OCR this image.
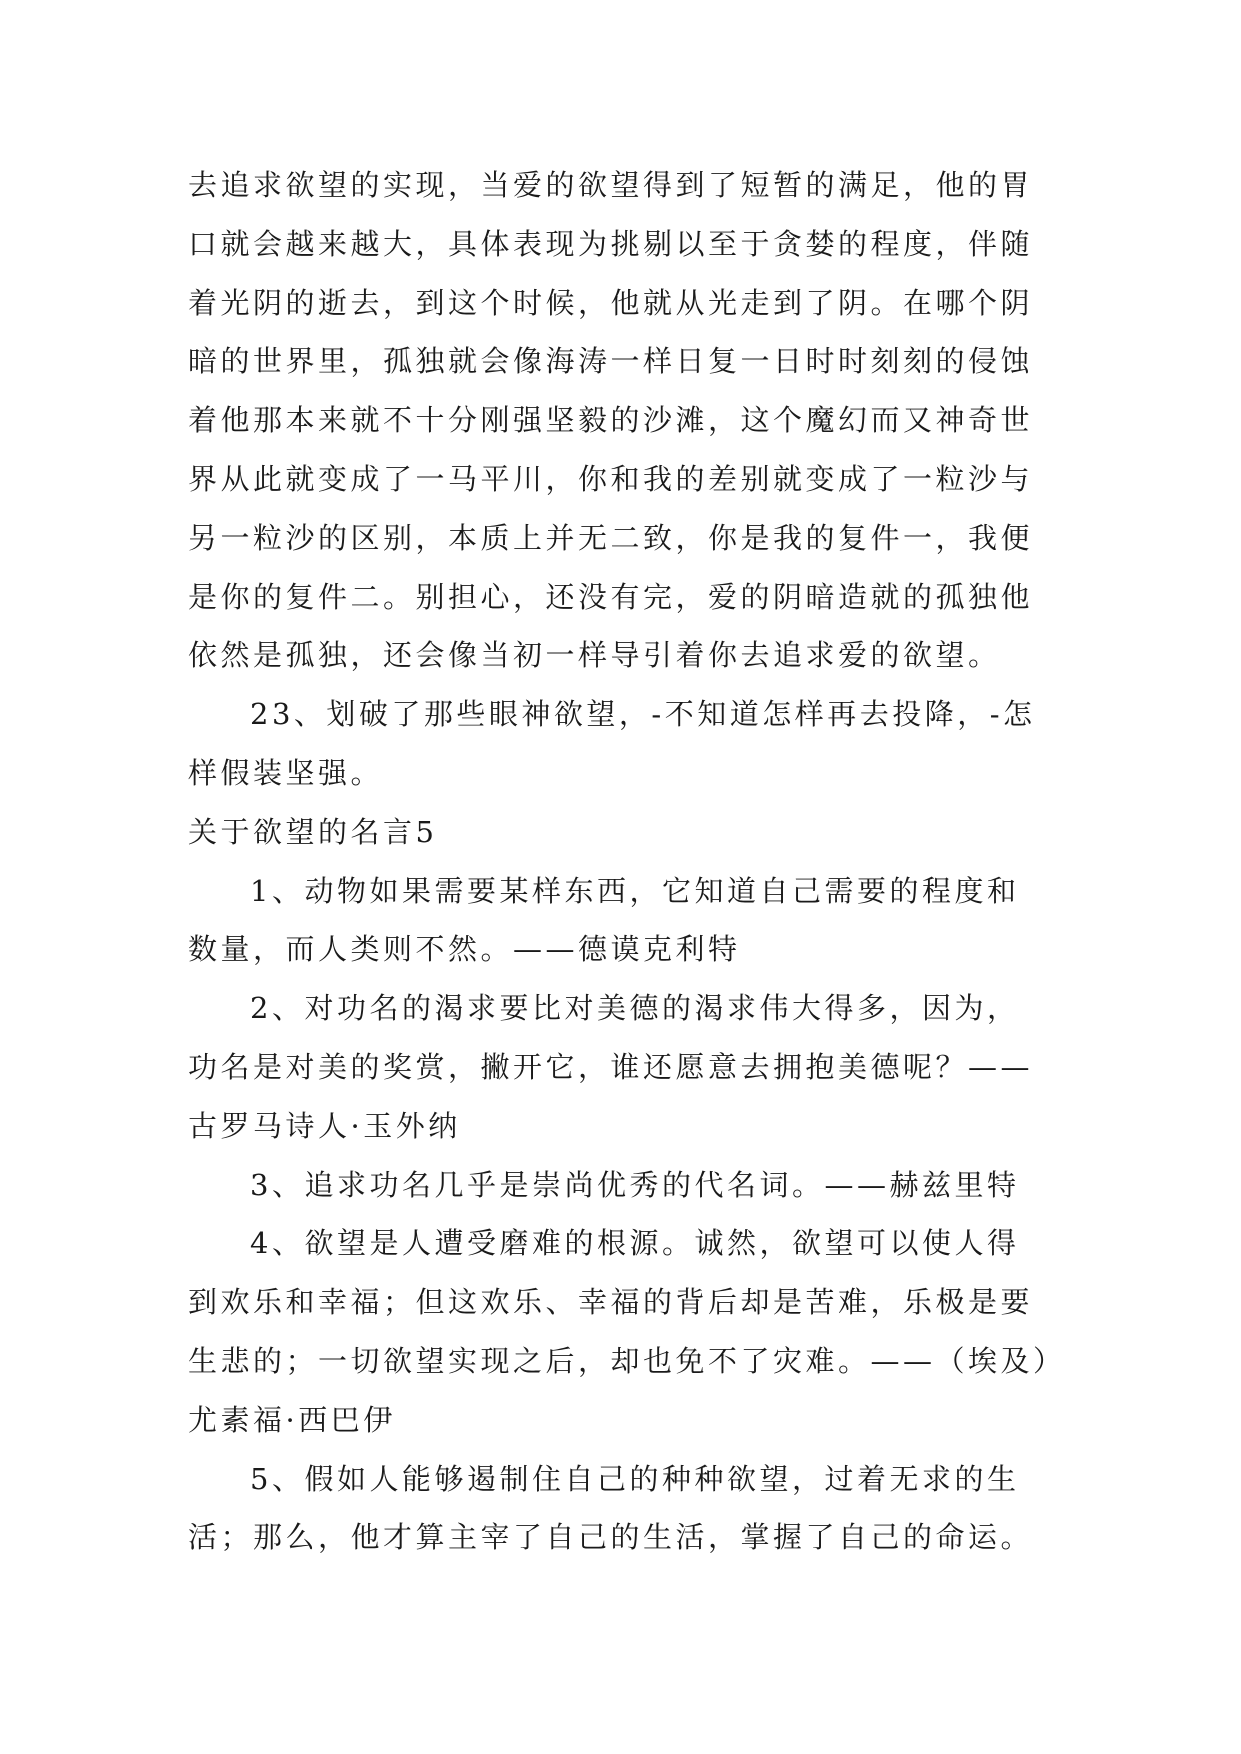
去追求欲望的实现，当爱的欲望得到了短暂的满足，他的胃
口就会越来越大，具体表现为挑剔以至于贪婪的程度，伴随
着光阴的逝去，到这个时候，他就从光走到了阴。在哪个阴
暗的世界里，孤独就会像海涛一样日复一日时时刻刻的侵蚀
着他那本来就不十分刚强坚毅的沙滩，这个魔幻而又神奇世
界从此就变成了一马平川，你和我的差别就变成了一粒沙与
另一粒沙的区别，本质上并无二致，你是我的复件一，我便
是你的复件二。别担心，还没有完，爱的阴暗造就的孤独他
依然是孤独，还会像当初一样导引着你去追求爱的欲望。
23、划破了那些眼神欲望，-不知道怎样再去投降，-怎
样假装坚强。
关于欲望的名言5
1、动物如果需要某样东西，它知道自己需要的程度和
数量，而人类则不然。——德谟克利特
2、对功名的渴求要比对美德的渴求伟大得多，因为，
功名是对美的奖赏，撇开它，谁还愿意去拥抱美德呢？——
古罗马诗人·玉外纳
3、追求功名几乎是崇尚优秀的代名词。——赫兹里特
4、欲望是人遭受磨难的根源。诚然，欲望可以使人得
到欢乐和幸福；但这欢乐、幸福的背后却是苦难，乐极是要
生悲的；一切欲望实现之后，却也免不了灾难。——（埃及）
尤素福·西巴伊
5、假如人能够遏制住自己的种种欲望，过着无求的生
活；那么，他才算主宰了自己的生活，掌握了自己的命运。
